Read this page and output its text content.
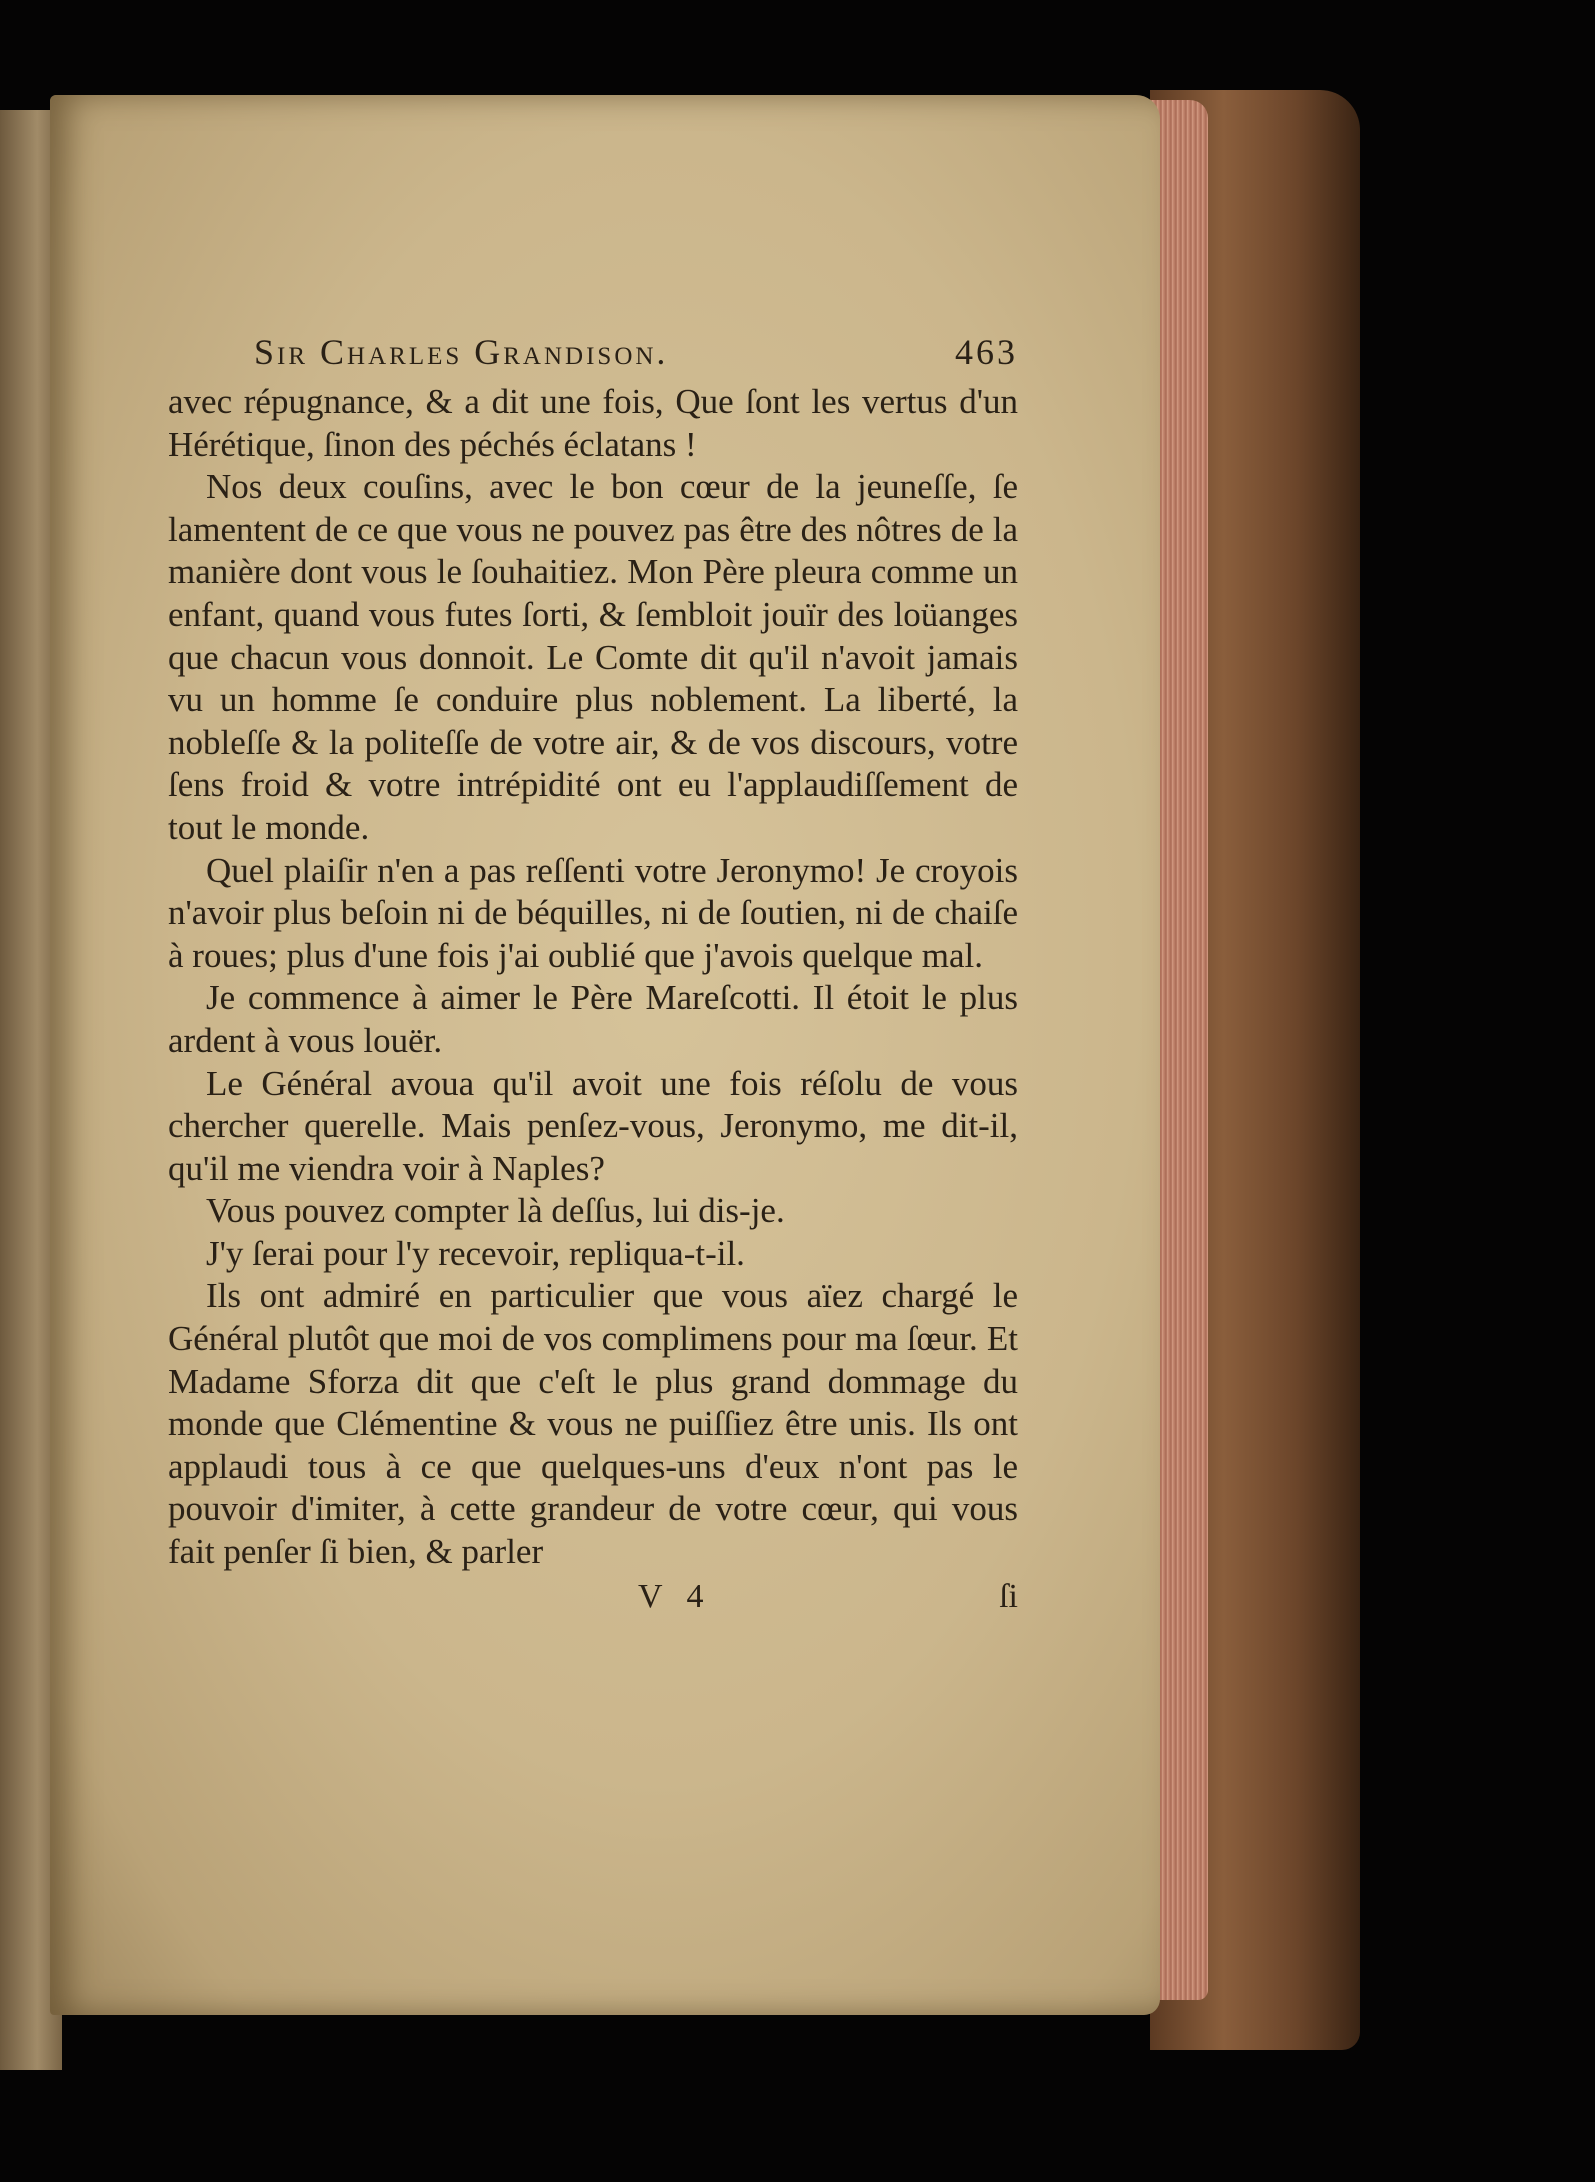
Sir Charles Grandison.	463

avec répugnance, & a dit une fois, Que ſont les vertus d'un Hérétique, ſinon des péchés éclatans !

Nos deux couſins, avec le bon cœur de la jeuneſſe, ſe lamentent de ce que vous ne pouvez pas être des nôtres de la manière dont vous le ſouhaitiez. Mon Père pleura comme un enfant, quand vous futes ſorti, & ſembloit jouïr des loüanges que chacun vous donnoit. Le Comte dit qu'il n'avoit jamais vu un homme ſe conduire plus noblement. La liberté, la nobleſſe & la politeſſe de votre air, & de vos discours, votre ſens froid & votre intrépidité ont eu l'applaudiſſement de tout le monde.

Quel plaiſir n'en a pas reſſenti votre Jeronymo! Je croyois n'avoir plus beſoin ni de béquilles, ni de ſoutien, ni de chaiſe à roues; plus d'une fois j'ai oublié que j'avois quelque mal.

Je commence à aimer le Père Mareſcotti. Il étoit le plus ardent à vous louër.

Le Général avoua qu'il avoit une fois réſolu de vous chercher querelle. Mais penſez-vous, Jeronymo, me dit-il, qu'il me viendra voir à Naples?

Vous pouvez compter là deſſus, lui dis-je.

J'y ſerai pour l'y recevoir, repliqua-t-il.

Ils ont admiré en particulier que vous aïez chargé le Général plutôt que moi de vos complimens pour ma ſœur. Et Madame Sforza dit que c'eſt le plus grand dommage du monde que Clémentine & vous ne puiſſiez être unis. Ils ont applaudi tous à ce que quelques-uns d'eux n'ont pas le pouvoir d'imiter, à cette grandeur de votre cœur, qui vous fait penſer ſi bien, & parler

V 4	ſi
